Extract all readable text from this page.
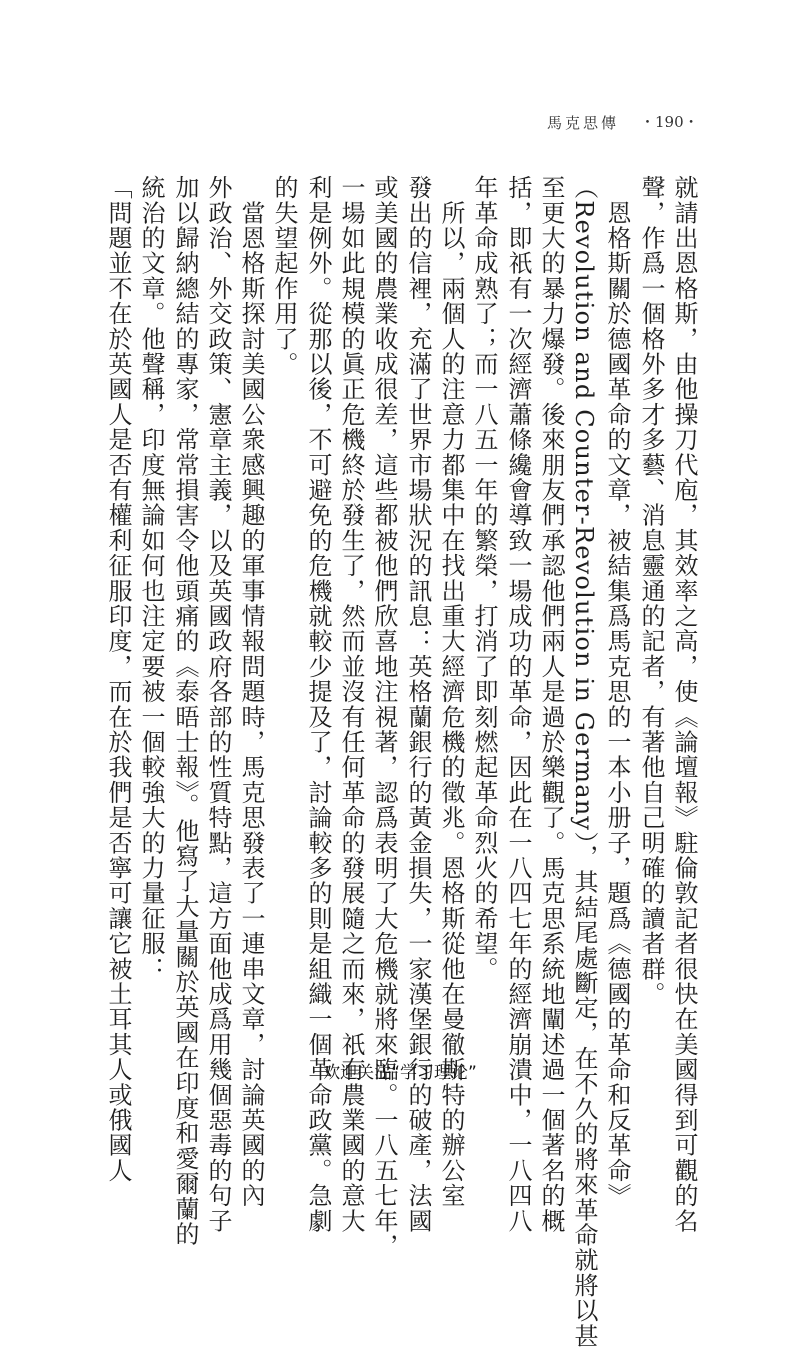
馬克思傳 ・190・
就請出恩格斯，由他操刀代庖，其效率之高，使《論壇報》駐倫敦記者很快在美國得到可觀的名
聲，作爲一個格外多才多藝、消息靈通的記者，有著他自己明確的讀者群。
　恩格斯關於德國革命的文章，被結集爲馬克思的一本小册子，題爲《德國的革命和反革命》
（Revolution and Counter-Revolution in Germany），其結尾處斷定，在不久的將來革命就將以甚
至更大的暴力爆發。後來朋友們承認他們兩人是過於樂觀了。馬克思系統地闡述過一個著名的概
括，即祇有一次經濟蕭條纔會導致一場成功的革命，因此在一八四七年的經濟崩潰中，一八四八
年革命成熟了；而一八五一年的繁榮，打消了即刻燃起革命烈火的希望。
　所以，兩個人的注意力都集中在找出重大經濟危機的徵兆。恩格斯從他在曼徹斯特的辦公室
發出的信裡，充滿了世界市場狀況的訊息：英格蘭銀行的黃金損失，一家漢堡銀行的破產，法國
或美國的農業收成很差，這些都被他們欣喜地注視著，認爲表明了大危機就將來臨。一八五七年，
一場如此規模的眞正危機終於發生了，然而並沒有任何革命的發展隨之而來，祇有農業國的意大
利是例外。從那以後，不可避免的危機就較少提及了，討論較多的則是組織一個革命政黨。急劇
的失望起作用了。
　當恩格斯探討美國公衆感興趣的軍事情報問題時，馬克思發表了一連串文章，討論英國的內
外政治、外交政策、憲章主義，以及英國政府各部的性質特點，這方面他成爲用幾個惡毒的句子
加以歸納總結的專家，常常損害令他頭痛的《泰晤士報》。他寫了大量關於英國在印度和愛爾蘭的
統治的文章。他聲稱，印度無論如何也注定要被一個較強大的力量征服：
「問題並不在於英國人是否有權利征服印度，而在於我們是否寧可讓它被土耳其人或俄國人	欢迎关注“学习理论”
